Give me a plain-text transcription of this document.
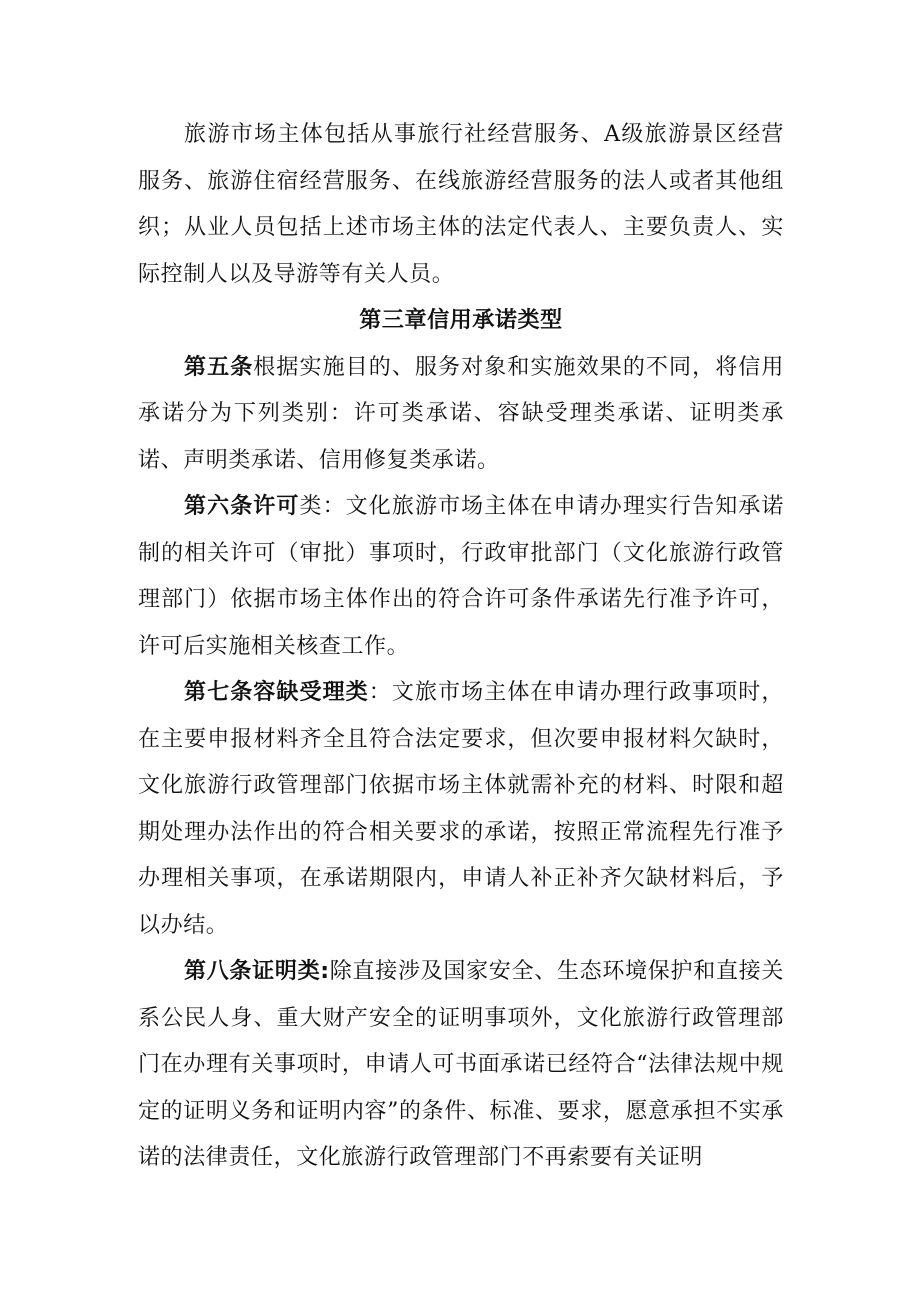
旅游市场主体包括从事旅行社经营服务、A级旅游景区经营服务、旅游住宿经营服务、在线旅游经营服务的法人或者其他组织；从业人员包括上述市场主体的法定代表人、主要负责人、实际控制人以及导游等有关人员。

第三章信用承诺类型

第五条根据实施目的、服务对象和实施效果的不同，将信用承诺分为下列类别：许可类承诺、容缺受理类承诺、证明类承诺、声明类承诺、信用修复类承诺。

第六条许可类：文化旅游市场主体在申请办理实行告知承诺制的相关许可（审批）事项时，行政审批部门（文化旅游行政管理部门）依据市场主体作出的符合许可条件承诺先行准予许可，许可后实施相关核查工作。

第七条容缺受理类：文旅市场主体在申请办理行政事项时，在主要申报材料齐全且符合法定要求，但次要申报材料欠缺时，文化旅游行政管理部门依据市场主体就需补充的材料、时限和超期处理办法作出的符合相关要求的承诺，按照正常流程先行准予办理相关事项，在承诺期限内，申请人补正补齐欠缺材料后，予以办结。

第八条证明类:除直接涉及国家安全、生态环境保护和直接关系公民人身、重大财产安全的证明事项外，文化旅游行政管理部门在办理有关事项时，申请人可书面承诺已经符合“法律法规中规定的证明义务和证明内容”的条件、标准、要求，愿意承担不实承诺的法律责任，文化旅游行政管理部门不再索要有关证明
